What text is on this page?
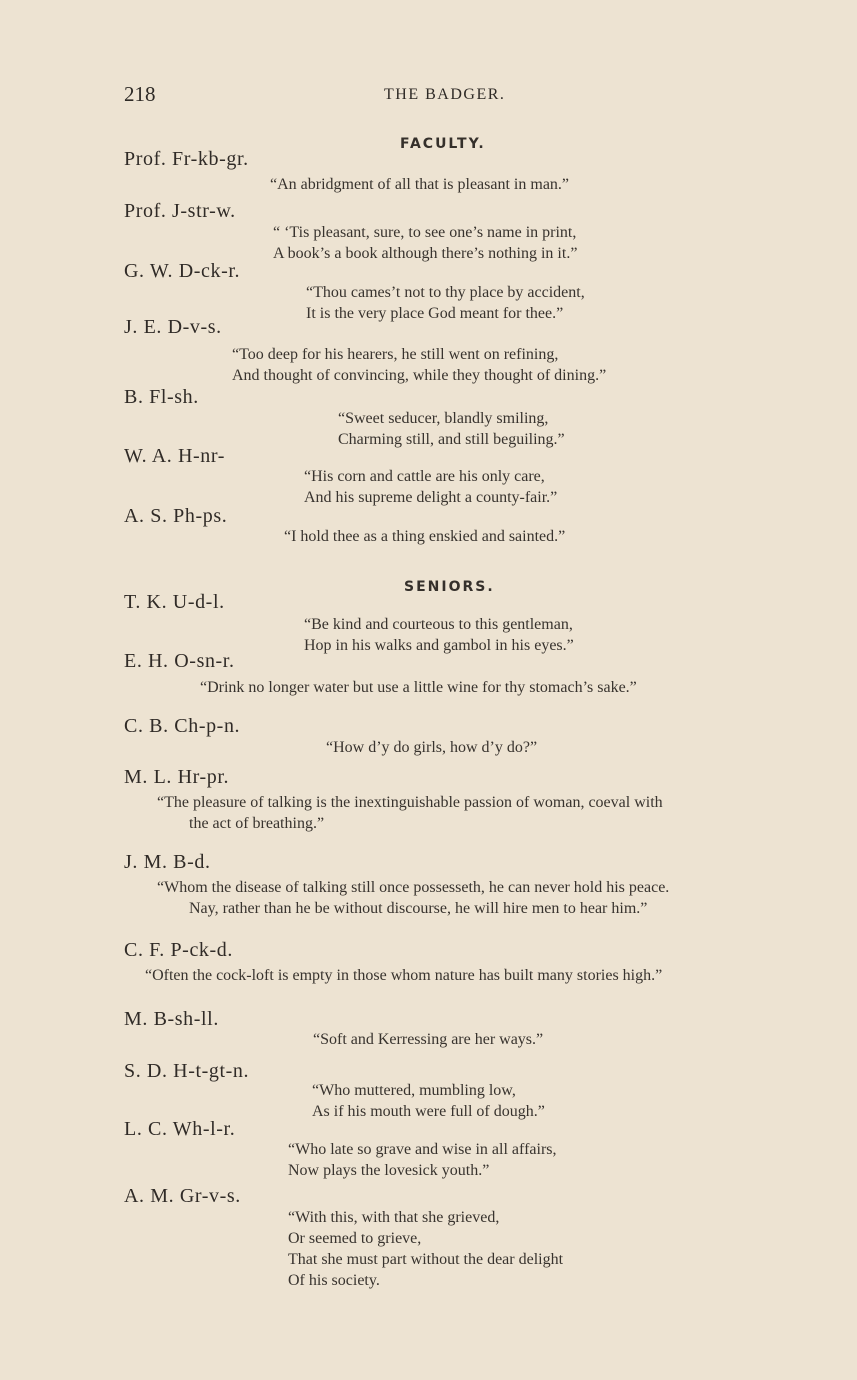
218	THE BADGER.
FACULTY.
Prof. Fr-kb-gr.
“An abridgment of all that is pleasant in man.”
Prof. J-str-w.
“ ‘Tis pleasant, sure, to see one’s name in print,
A book’s a book although there’s nothing in it.”
G. W. D-ck-r.
“Thou cames’t not to thy place by accident,
It is the very place God meant for thee.”
J. E. D-v-s.
“Too deep for his hearers, he still went on refining,
And thought of convincing, while they thought of dining.”
B. Fl-sh.
“Sweet seducer, blandly smiling,
Charming still, and still beguiling.”
W. A. H-nr-
“His corn and cattle are his only care,
And his supreme delight a county-fair.”
A. S. Ph-ps.
“I hold thee as a thing enskied and sainted.”
SENIORS.
T. K. U-d-l.
“Be kind and courteous to this gentleman,
Hop in his walks and gambol in his eyes.”
E. H. O-sn-r.
“Drink no longer water but use a little wine for thy stomach’s sake.”
C. B. Ch-p-n.
“How d’y do girls, how d’y do?”
M. L. Hr-pr.
“The pleasure of talking is the inextinguishable passion of woman, coeval with
the act of breathing.”
J. M. B-d.
“Whom the disease of talking still once possesseth, he can never hold his peace.
Nay, rather than he be without discourse, he will hire men to hear him.”
C. F. P-ck-d.
“Often the cock-loft is empty in those whom nature has built many stories high.”
M. B-sh-ll.
“Soft and Kerressing are her ways.”
S. D. H-t-gt-n.
“Who muttered, mumbling low,
As if his mouth were full of dough.”
L. C. Wh-l-r.
“Who late so grave and wise in all affairs,
Now plays the lovesick youth.”
A. M. Gr-v-s.
“With this, with that she grieved,
Or seemed to grieve,
That she must part without the dear delight
Of his society.
